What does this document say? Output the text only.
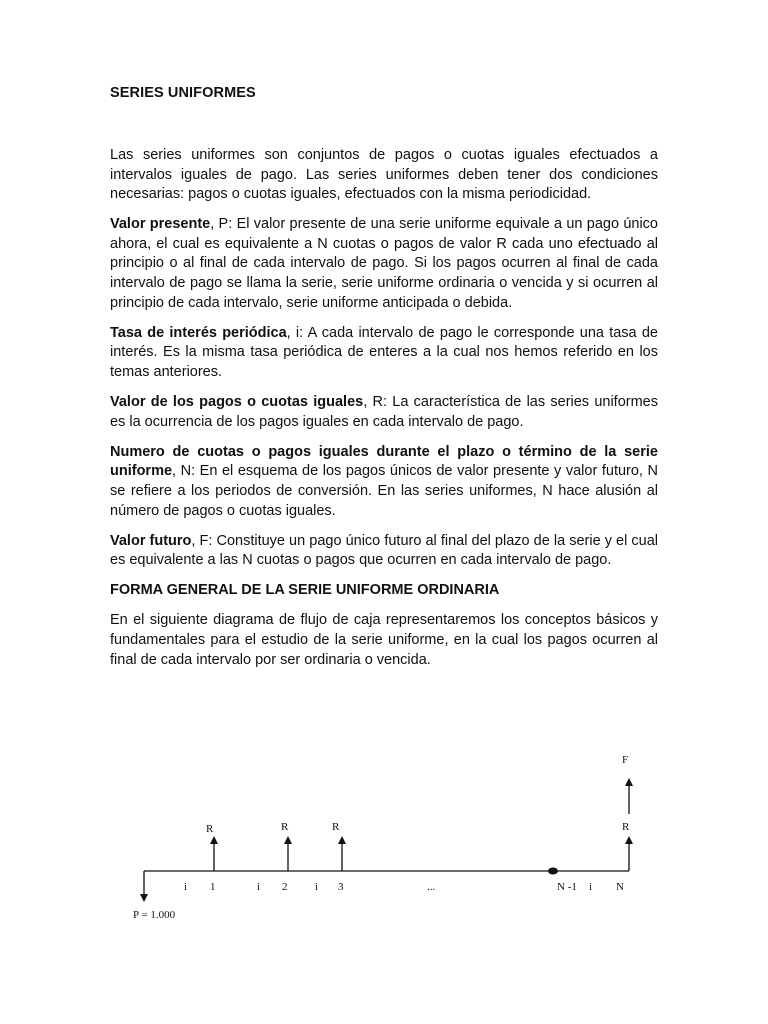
SERIES UNIFORMES

Las series uniformes son conjuntos de pagos o cuotas iguales efectuados a intervalos iguales de pago. Las series uniformes deben tener dos condiciones necesarias: pagos o cuotas iguales, efectuados con la misma periodicidad.

Valor presente, P: El valor presente de una serie uniforme equivale a un pago único ahora, el cual es equivalente a N cuotas o pagos de valor R cada uno efectuado al principio o al final de cada intervalo de pago. Si los pagos ocurren al final de cada intervalo de pago se llama la serie, serie uniforme ordinaria o vencida y si ocurren al principio de cada intervalo, serie uniforme anticipada o debida.

Tasa de interés periódica, i: A cada intervalo de pago le corresponde una tasa de interés. Es la misma tasa periódica de enteres a la cual nos hemos referido en los temas anteriores.

Valor de los pagos o cuotas iguales, R: La característica de las series uniformes es la ocurrencia de los pagos iguales en cada intervalo de pago.

Numero de cuotas o pagos iguales durante el plazo o término de la serie uniforme, N: En el esquema de los pagos únicos de valor presente y valor futuro, N se refiere a los periodos de conversión. En las series uniformes, N hace alusión al número de pagos o cuotas iguales.

Valor futuro, F: Constituye un pago único futuro al final del plazo de la serie y el cual es equivalente a las N cuotas o pagos que ocurren en cada intervalo de pago.

FORMA GENERAL DE LA SERIE UNIFORME ORDINARIA

En el siguiente diagrama de flujo de caja representaremos los conceptos básicos y fundamentales para el estudio de la serie uniforme, en la cual los pagos ocurren al final de cada intervalo por ser ordinaria o vencida.

F
R	R	R	R
i 1	i 2	i 3	...	N -1 i N
P = 1.000
